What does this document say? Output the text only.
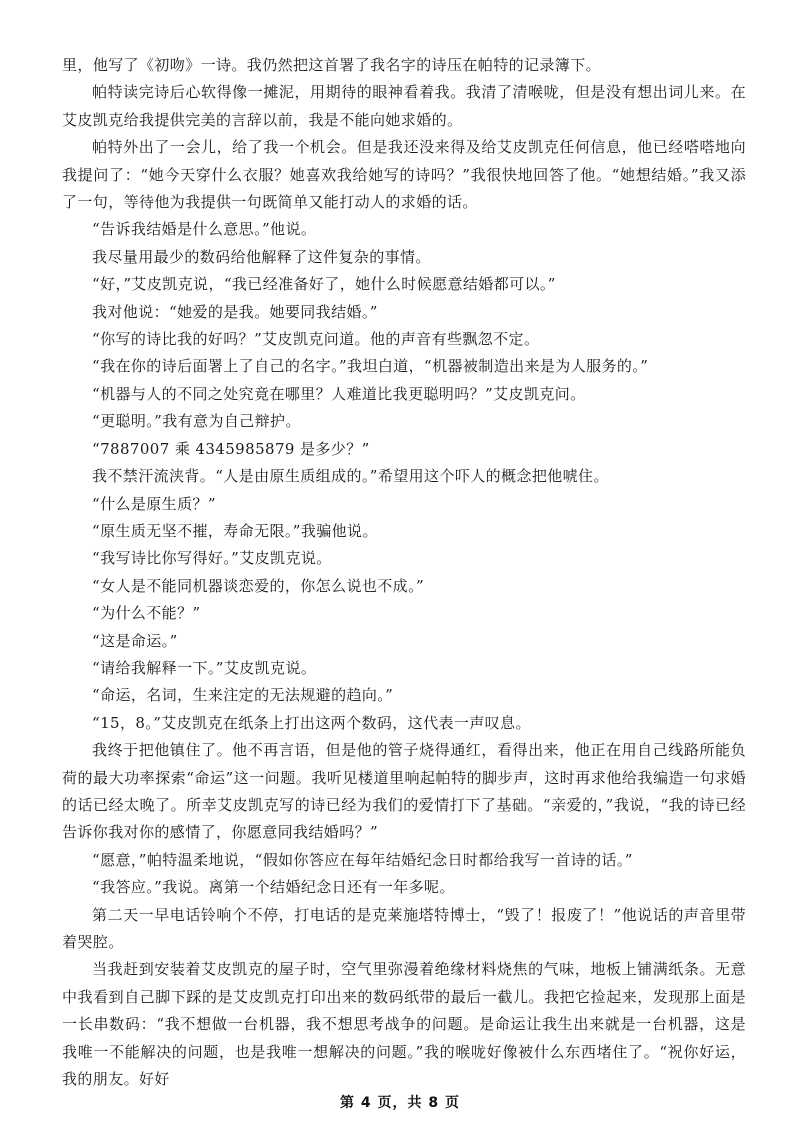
里，他写了《初吻》一诗。我仍然把这首署了我名字的诗压在帕特的记录簿下。

帕特读完诗后心软得像一摊泥，用期待的眼神看着我。我清了清喉咙，但是没有想出词儿来。在艾皮凯克给我提供完美的言辞以前，我是不能向她求婚的。

帕特外出了一会儿，给了我一个机会。但是我还没来得及给艾皮凯克任何信息，他已经嗒嗒地向我提问了：“她今天穿什么衣服？她喜欢我给她写的诗吗？”我很快地回答了他。“她想结婚。”我又添了一句，等待他为我提供一句既简单又能打动人的求婚的话。

“告诉我结婚是什么意思。”他说。

我尽量用最少的数码给他解释了这件复杂的事情。

“好，”艾皮凯克说，“我已经准备好了，她什么时候愿意结婚都可以。”

我对他说：“她爱的是我。她要同我结婚。”

“你写的诗比我的好吗？”艾皮凯克问道。他的声音有些飘忽不定。

“我在你的诗后面署上了自己的名字。”我坦白道，“机器被制造出来是为人服务的。”

“机器与人的不同之处究竟在哪里？人难道比我更聪明吗？”艾皮凯克问。

“更聪明。”我有意为自己辩护。

“7887007 乘 4345985879 是多少？”

我不禁汗流浃背。“人是由原生质组成的。”希望用这个吓人的概念把他唬住。

“什么是原生质？”

“原生质无坚不摧，寿命无限。”我骗他说。

“我写诗比你写得好。”艾皮凯克说。

“女人是不能同机器谈恋爱的，你怎么说也不成。”

“为什么不能？”

“这是命运。”

“请给我解释一下。”艾皮凯克说。

“命运，名词，生来注定的无法规避的趋向。”

“15，8。”艾皮凯克在纸条上打出这两个数码，这代表一声叹息。

我终于把他镇住了。他不再言语，但是他的管子烧得通红，看得出来，他正在用自己线路所能负荷的最大功率探索“命运”这一问题。我听见楼道里响起帕特的脚步声，这时再求他给我编造一句求婚的话已经太晚了。所幸艾皮凯克写的诗已经为我们的爱情打下了基础。“亲爱的，”我说，“我的诗已经告诉你我对你的感情了，你愿意同我结婚吗？”

“愿意，”帕特温柔地说，“假如你答应在每年结婚纪念日时都给我写一首诗的话。”

“我答应。”我说。离第一个结婚纪念日还有一年多呢。

第二天一早电话铃响个不停，打电话的是克莱施塔特博士，“毁了！报废了！”他说话的声音里带着哭腔。

当我赶到安装着艾皮凯克的屋子时，空气里弥漫着绝缘材料烧焦的气味，地板上铺满纸条。无意中我看到自己脚下踩的是艾皮凯克打印出来的数码纸带的最后一截儿。我把它捡起来，发现那上面是一长串数码：“我不想做一台机器，我不想思考战争的问题。是命运让我生出来就是一台机器，这是我唯一不能解决的问题，也是我唯一想解决的问题。”我的喉咙好像被什么东西堵住了。“祝你好运，我的朋友。好好

第 4 页，共 8 页
